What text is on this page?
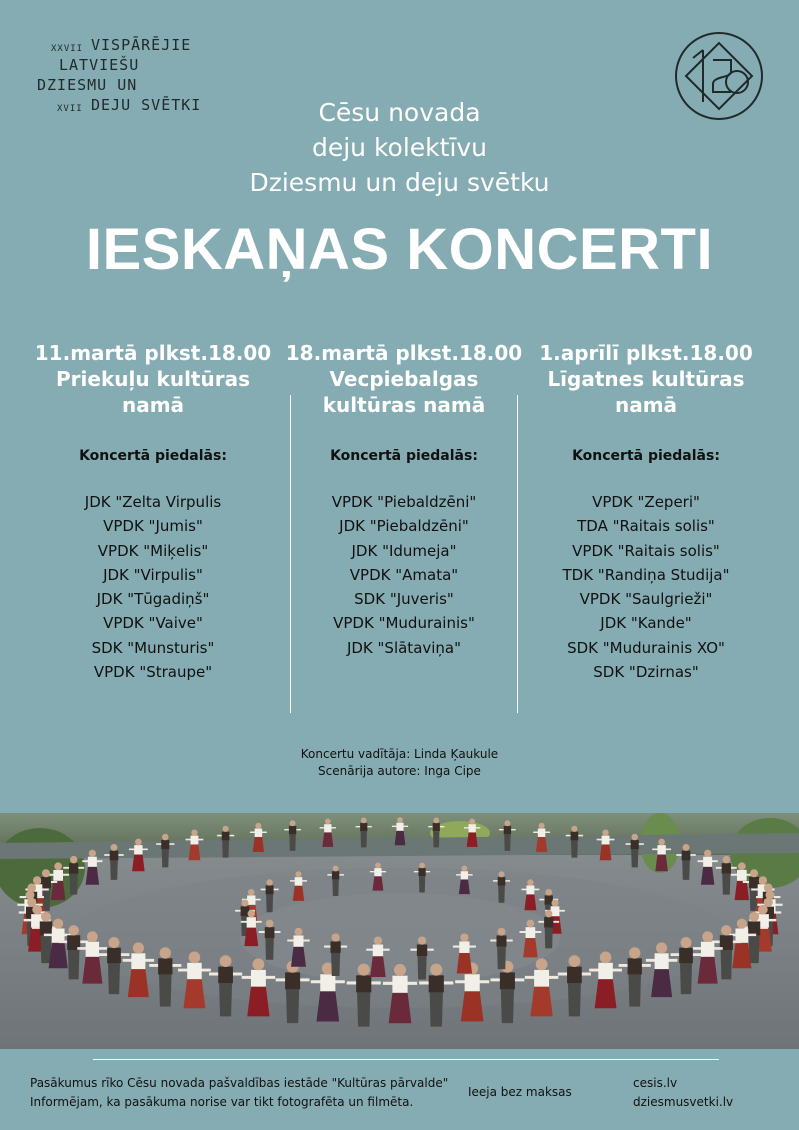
XXVII VISPĀRĒJIE
LATVIEŠU
DZIESMU UN
XVII DEJU SVĒTKI	Cēsu novada
deju kolektīvu
Dziesmu un deju svētku
IESKAŅAS KONCERTI
11.martā plkst.18.00
Priekuļu kultūras
namā
Koncertā piedalās:
JDK "Zelta Virpulis
VPDK "Jumis"
VPDK "Miķelis"
JDK "Virpulis"
JDK "Tūgadiņš"
VPDK "Vaive"
SDK "Munsturis"
VPDK "Straupe"
18.martā plkst.18.00
Vecpiebalgas
kultūras namā
Koncertā piedalās:
VPDK "Piebaldzēni"
JDK "Piebaldzēni"
JDK "Idumeja"
VPDK "Amata"
SDK "Juveris"
VPDK "Mudurainis"
JDK "Slātaviņa"
1.aprīlī plkst.18.00
Līgatnes kultūras
namā
Koncertā piedalās:
VPDK "Zeperi"
TDA "Raitais solis"
VPDK "Raitais solis"
TDK "Randiņa Studija"
VPDK "Saulgrieži"
JDK "Kande"
SDK "Mudurainis XO"
SDK "Dzirnas"
Koncertu vadītāja: Linda Ķaukule
Scenārija autore: Inga Cipe
Pasākumus rīko Cēsu novada pašvaldības iestāde "Kultūras pārvalde"
Informējam, ka pasākuma norise var tikt fotografēta un filmēta.
Ieeja bez maksas
cesis.lv
dziesmusvetki.lv
